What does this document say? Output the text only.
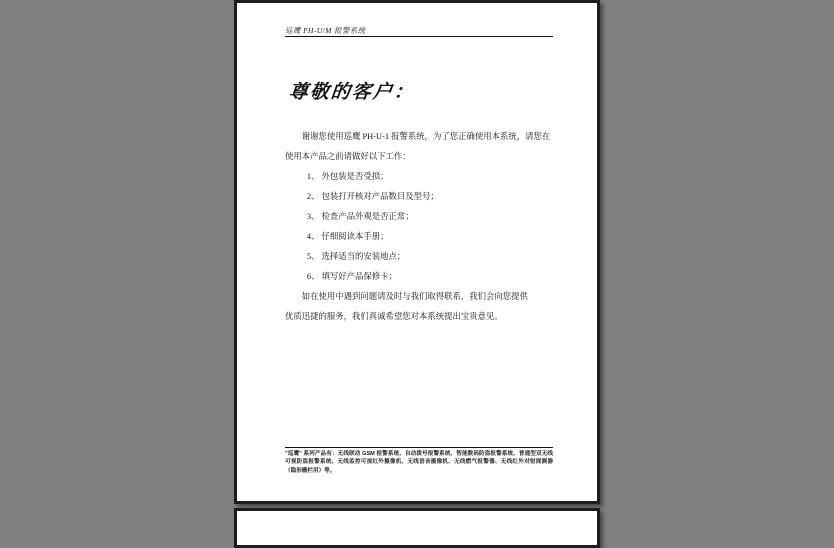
巡鹰 PH-U/M 报警系统
尊敬的客户：

谢谢您使用巡鹰 PH-U-1 报警系统，为了您正确使用本系统，请您在使用本产品之前请做好以下工作：

1、 外包装是否受损；
2、 包装打开核对产品数目及型号；
3、 检查产品外观是否正常；
4、 仔细阅读本手册；
5、 选择适当的安装地点；
6、 填写好产品保修卡；

如在使用中遇到问题请及时与我们取得联系，我们会向您提供

优质迅捷的服务，我们真诚希望您对本系统提出宝贵意见。

"巡鹰" 系列产品有：无线联动 GSM 报警系统、自动拨号报警系统、智能数码防盗报警系统、普通型双无线可视防盗报警系统、无线监控可视红外摄像机、无线语音摄像机、无线燃气报警器、无线红外对射探测器（隐形栅栏用）等。
